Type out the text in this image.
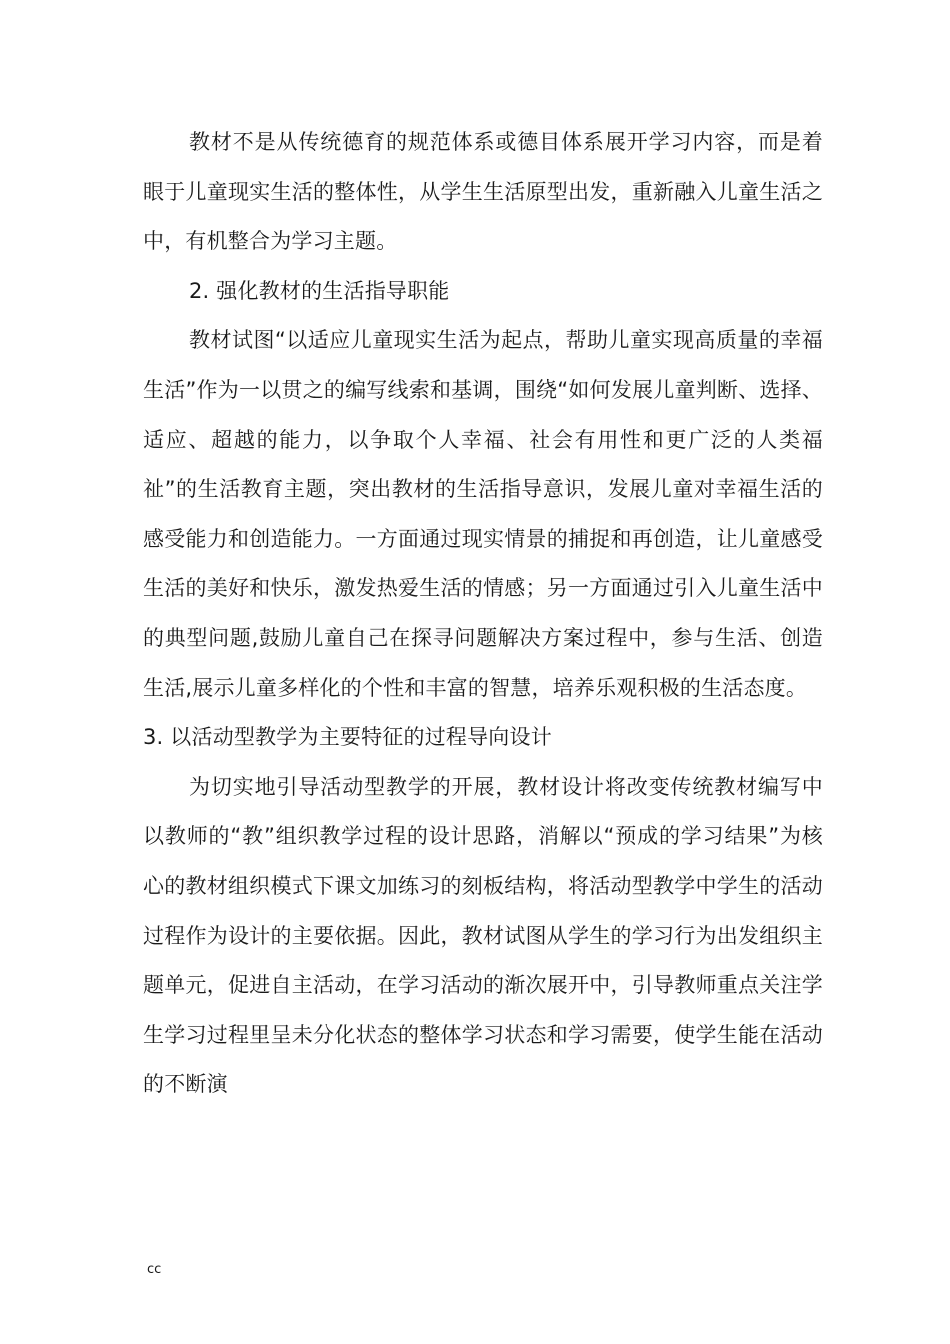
教材不是从传统德育的规范体系或德目体系展开学习内容，而是着眼于儿童现实生活的整体性，从学生生活原型出发，重新融入儿童生活之中，有机整合为学习主题。

2. 强化教材的生活指导职能

教材试图“以适应儿童现实生活为起点，帮助儿童实现高质量的幸福生活”作为一以贯之的编写线索和基调，围绕“如何发展儿童判断、选择、适应、超越的能力，以争取个人幸福、社会有用性和更广泛的人类福祉”的生活教育主题，突出教材的生活指导意识，发展儿童对幸福生活的感受能力和创造能力。一方面通过现实情景的捕捉和再创造，让儿童感受生活的美好和快乐，激发热爱生活的情感；另一方面通过引入儿童生活中的典型问题,鼓励儿童自己在探寻问题解决方案过程中，参与生活、创造生活,展示儿童多样化的个性和丰富的智慧，培养乐观积极的生活态度。

3. 以活动型教学为主要特征的过程导向设计

为切实地引导活动型教学的开展，教材设计将改变传统教材编写中以教师的“教”组织教学过程的设计思路，消解以“预成的学习结果”为核心的教材组织模式下课文加练习的刻板结构，将活动型教学中学生的活动过程作为设计的主要依据。因此，教材试图从学生的学习行为出发组织主题单元，促进自主活动，在学习活动的渐次展开中，引导教师重点关注学生学习过程里呈未分化状态的整体学习状态和学习需要，使学生能在活动的不断演

cc
